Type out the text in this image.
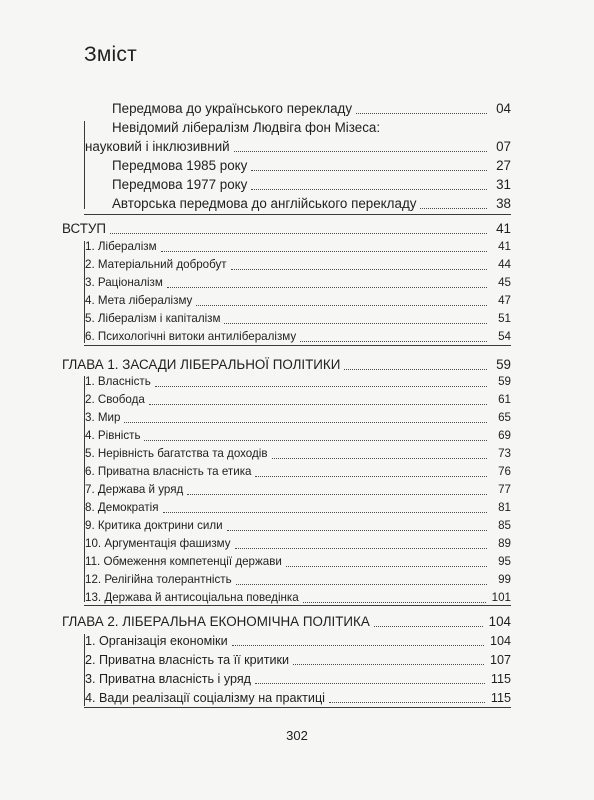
Зміст
Передмова до українського перекладу	04
Невідомий лібералізм Людвіга фон Мізеса:
науковий і інклюзивний	07
Передмова 1985 року	27
Передмова 1977 року	31
Авторська передмова до англійського перекладу	38
ВСТУП	41
1. Лібералізм	41
2. Матеріальний добробут	44
3. Раціоналізм	45
4. Мета лібералізму	47
5. Лібералізм і капіталізм	51
6. Психологічні витоки антилібералізму	54
ГЛАВА 1. ЗАСАДИ ЛІБЕРАЛЬНОЇ ПОЛІТИКИ	59
1. Власність	59
2. Свобода	61
3. Мир	65
4. Рівність	69
5. Нерівність багатства та доходів	73
6. Приватна власність та етика	76
7. Держава й уряд	77
8. Демократія	81
9. Критика доктрини сили	85
10. Аргументація фашизму	89
11. Обмеження компетенції держави	95
12. Релігійна толерантність	99
13. Держава й антисоціальна поведінка	101
ГЛАВА 2. ЛІБЕРАЛЬНА ЕКОНОМІЧНА ПОЛІТИКА	104
1. Організація економіки	104
2. Приватна власність та її критики	107
3. Приватна власність і уряд	115
4. Вади реалізації соціалізму на практиці	115
302
